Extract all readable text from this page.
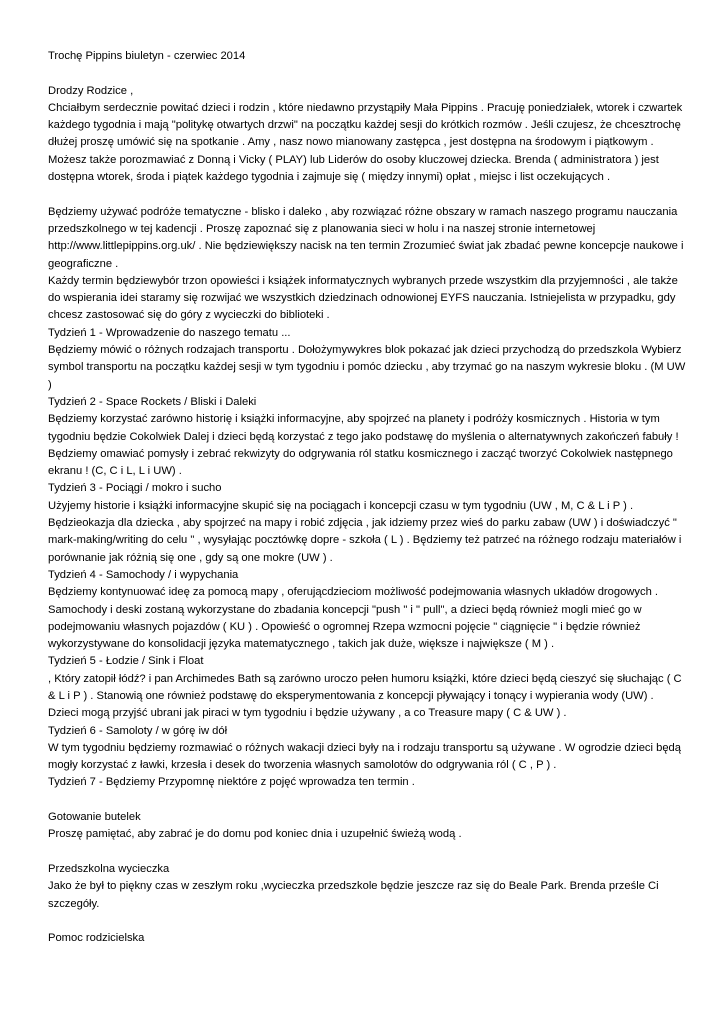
Trochę Pippins biuletyn - czerwiec 2014

Drodzy Rodzice ,

Chciałbym serdecznie powitać dzieci i rodzin , które niedawno przystąpiły Mała Pippins . Pracuję poniedziałek, wtorek i czwartek każdego tygodnia i mają "politykę otwartych drzwi" na początku każdej sesji do krótkich rozmów . Jeśli czujesz, że chcesztrochę dłużej proszę umówić się na spotkanie . Amy , nasz nowo mianowany zastępca , jest dostępna na środowym i piątkowym . Możesz także porozmawiać z Donną i Vicky ( PLAY) lub Liderów do osoby kluczowej dziecka. Brenda ( administratora ) jest dostępna wtorek, środa i piątek każdego tygodnia i zajmuje się ( między innymi) opłat , miejsc i list oczekujących .

Będziemy używać podróże tematyczne - blisko i daleko , aby rozwiązać różne obszary w ramach naszego programu nauczania przedszkolnego w tej kadencji . Proszę zapoznać się z planowania sieci w holu i na naszej stronie internetowej http://www.littlepippins.org.uk/ . Nie będziewiększy nacisk na ten termin Zrozumieć świat jak zbadać pewne koncepcje naukowe i geograficzne .

Każdy termin będziewybór trzon opowieści i książek informatycznych wybranych przede wszystkim dla przyjemności , ale także do wspierania idei staramy się rozwijać we wszystkich dziedzinach odnowionej EYFS nauczania. Istniejelista w przypadku, gdy chcesz zastosować się do góry z wycieczki do biblioteki .

Tydzień 1 - Wprowadzenie do naszego tematu ...

Będziemy mówić o różnych rodzajach transportu . Dołożymywykres blok pokazać jak dzieci przychodzą do przedszkola Wybierz symbol transportu na początku każdej sesji w tym tygodniu i pomóc dziecku , aby trzymać go na naszym wykresie bloku . (M UW )

Tydzień 2 - Space Rockets / Bliski i Daleki

Będziemy korzystać zarówno historię i książki informacyjne, aby spojrzeć na planety i podróży kosmicznych . Historia w tym tygodniu będzie Cokolwiek Dalej i dzieci będą korzystać z tego jako podstawę do myślenia o alternatywnych zakończeń fabuły ! Będziemy omawiać pomysły i zebrać rekwizyty do odgrywania ról statku kosmicznego i zacząć tworzyć Cokolwiek następnego ekranu ! (C, C i L, L i UW) .

Tydzień 3 - Pociągi / mokro i sucho

Użyjemy historie i książki informacyjne skupić się na pociągach i koncepcji czasu w tym tygodniu (UW , M, C & L i P ) . Będzieokazja dla dziecka , aby spojrzeć na mapy i robić zdjęcia , jak idziemy przez wieś do parku zabaw (UW ) i doświadczyć " mark-making/writing do celu " , wysyłając pocztówkę dopre - szkoła ( L ) . Będziemy też patrzeć na różnego rodzaju materiałów i porównanie jak różnią się one , gdy są one mokre (UW ) .

Tydzień 4 - Samochody / i wypychania

Będziemy kontynuować ideę za pomocą mapy , oferującdzieciom możliwość podejmowania własnych układów drogowych . Samochody i deski zostaną wykorzystane do zbadania koncepcji "push " i " pull", a dzieci będą również mogli mieć go w podejmowaniu własnych pojazdów ( KU ) . Opowieść o ogromnej Rzepa wzmocni pojęcie " ciągnięcie " i będzie również wykorzystywane do konsolidacji języka matematycznego , takich jak duże, większe i największe ( M ) .

Tydzień 5 - Łodzie / Sink i Float

, Który zatopił łódź? i pan Archimedes Bath są zarówno uroczo pełen humoru książki, które dzieci będą cieszyć się słuchając ( C & L i P ) . Stanowią one również podstawę do eksperymentowania z koncepcji pływający i tonący i wypierania wody (UW) .

Dzieci mogą przyjść ubrani jak piraci w tym tygodniu i będzie używany , a co Treasure mapy ( C & UW ) .

Tydzień 6 - Samoloty / w górę iw dół

W tym tygodniu będziemy rozmawiać o różnych wakacji dzieci były na i rodzaju transportu są używane . W ogrodzie dzieci będą mogły korzystać z ławki, krzesła i desek do tworzenia własnych samolotów do odgrywania ról ( C , P ) .

Tydzień 7 - Będziemy Przypomnę niektóre z pojęć wprowadza ten termin .

Gotowanie butelek

Proszę pamiętać, aby zabrać je do domu pod koniec dnia i uzupełnić świeżą wodą .

Przedszkolna wycieczka

Jako że był to piękny czas w zeszłym roku ,wycieczka przedszkole będzie jeszcze raz się do Beale Park. Brenda prześle Ci szczegóły.

Pomoc rodzicielska
